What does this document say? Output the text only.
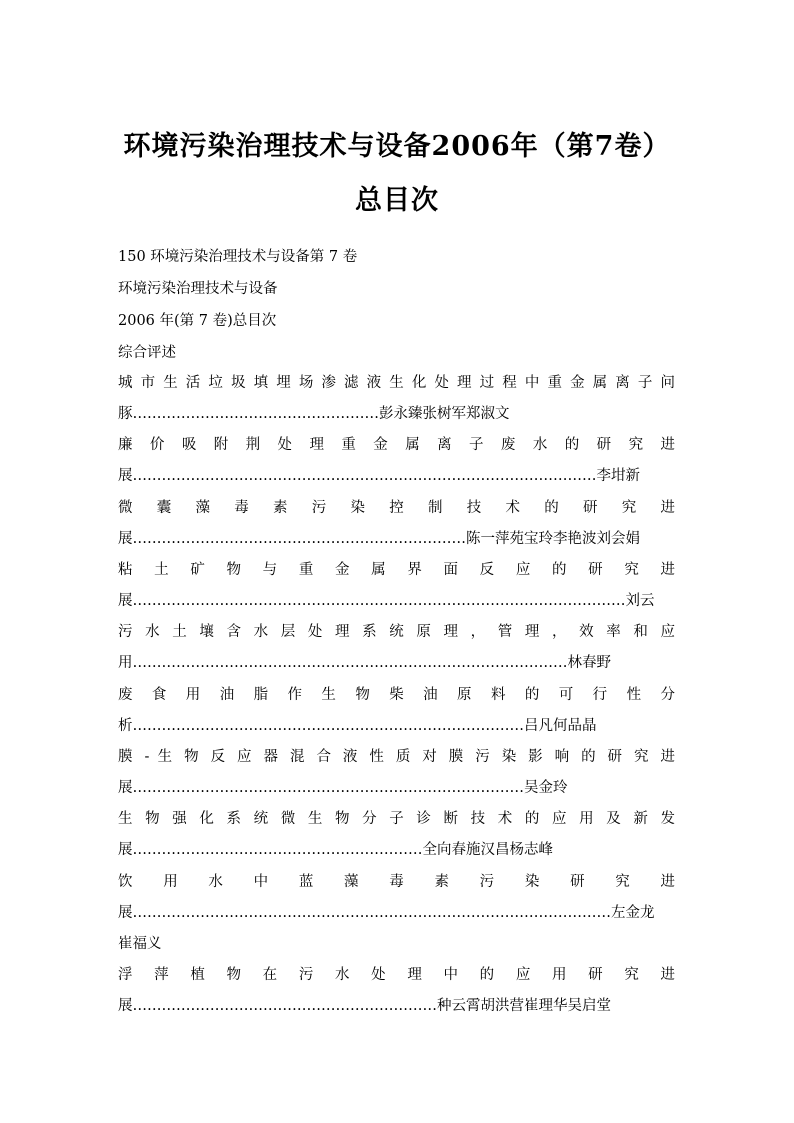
环境污染治理技术与设备2006年（第7卷）
总目次
150 环境污染治理技术与设备第 7 卷
环境污染治理技术与设备
2006 年(第 7 卷)总目次
综合评述
城 市 生 活 垃 圾 填 埋 场 渗 滤 液 生 化 处 理 过 程 中 重 金 属 离 子 问
豚……………………………………………彭永臻张树军郑淑文
廉 价 吸 附 荆 处 理 重 金 属 离 子 废 水 的 研 究 进
展……………………………………………………………………………………李坩新
微 囊 藻 毒 素 污 染 控 制 技 术 的 研 究 进
展……………………………………………………………陈一萍苑宝玲李艳波刘会娟
粘 土 矿 物 与 重 金 属 界 面 反 应 的 研 究 进
展…………………………………………………………………………………………刘云
污 水 土 壤 含 水 层 处 理 系 统 原 理 ， 管 理 ， 效 率 和 应
用………………………………………………………………………………林春野
废 食 用 油 脂 作 生 物 柴 油 原 料 的 可 行 性 分
析………………………………………………………………………吕凡何品晶
膜 - 生 物 反 应 器 混 合 液 性 质 对 膜 污 染 影 响 的 研 究 进
展………………………………………………………………………吴金玲
生 物 强 化 系 统 微 生 物 分 子 诊 断 技 术 的 应 用 及 新 发
展……………………………………………………全向春施汉昌杨志峰
饮 用 水 中 蓝 藻 毒 素 污 染 研 究 进
展………………………………………………………………………………………左金龙
崔福义
浮 萍 植 物 在 污 水 处 理 中 的 应 用 研 究 进
展………………………………………………………种云霄胡洪营崔理华吴启堂
